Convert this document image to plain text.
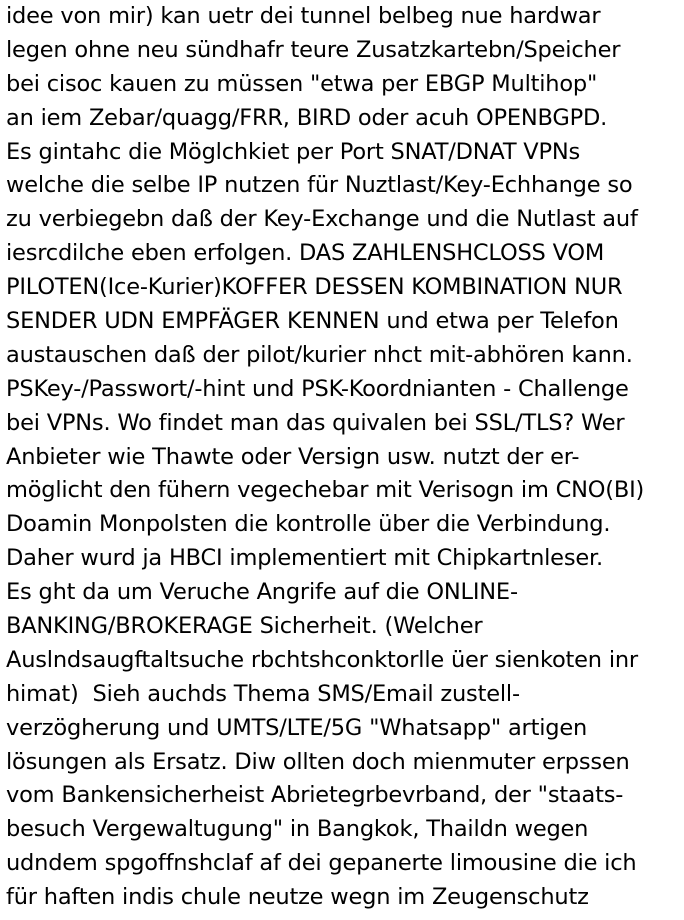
idee von mir) kan uetr dei tunnel belbeg nue hardwar
legen ohne neu sündhafr teure Zusatzkartebn/Speicher
bei cisoc kauen zu müssen "etwa per EBGP Multihop"
an iem Zebar/quagg/FRR, BIRD oder acuh OPENBGPD.
Es gintahc die Möglchkiet per Port SNAT/DNAT VPNs
welche die selbe IP nutzen für Nuztlast/Key-Echhange so
zu verbiegebn daß der Key-Exchange und die Nutlast auf
iesrcdilche eben erfolgen. DAS ZAHLENSHCLOSS VOM
PILOTEN(Ice-Kurier)KOFFER DESSEN KOMBINATION NUR
SENDER UDN EMPFÄGER KENNEN und etwa per Telefon
austauschen daß der pilot/kurier nhct mit-abhören kann.
PSKey-/Passwort/-hint und PSK-Koordnianten - Challenge
bei VPNs. Wo findet man das quivalen bei SSL/TLS? Wer
Anbieter wie Thawte oder Versign usw. nutzt der er-
möglicht den fühern vegechebar mit Verisogn im CNO(BI)
Doamin Monpolsten die kontrolle über die Verbindung.
Daher wurd ja HBCI implementiert mit Chipkartnleser.
Es ght da um Veruche Angrife auf die ONLINE-
BANKING/BROKERAGE Sicherheit. (Welcher
Auslndsaugftaltsuche rbchtshconktorlle üer sienkoten inr
himat)  Sieh auchds Thema SMS/Email zustell-
verzögherung und UMTS/LTE/5G "Whatsapp" artigen
lösungen als Ersatz. Diw ollten doch mienmuter erpssen
vom Bankensicherheist Abrietegrbevrband, der "staats-
besuch Vergewaltugung" in Bangkok, Thaildn wegen
udndem spgoffnshclaf af dei gepanerte limousine die ich
für haften indis chule neutze wegn im Zeugenschutz
